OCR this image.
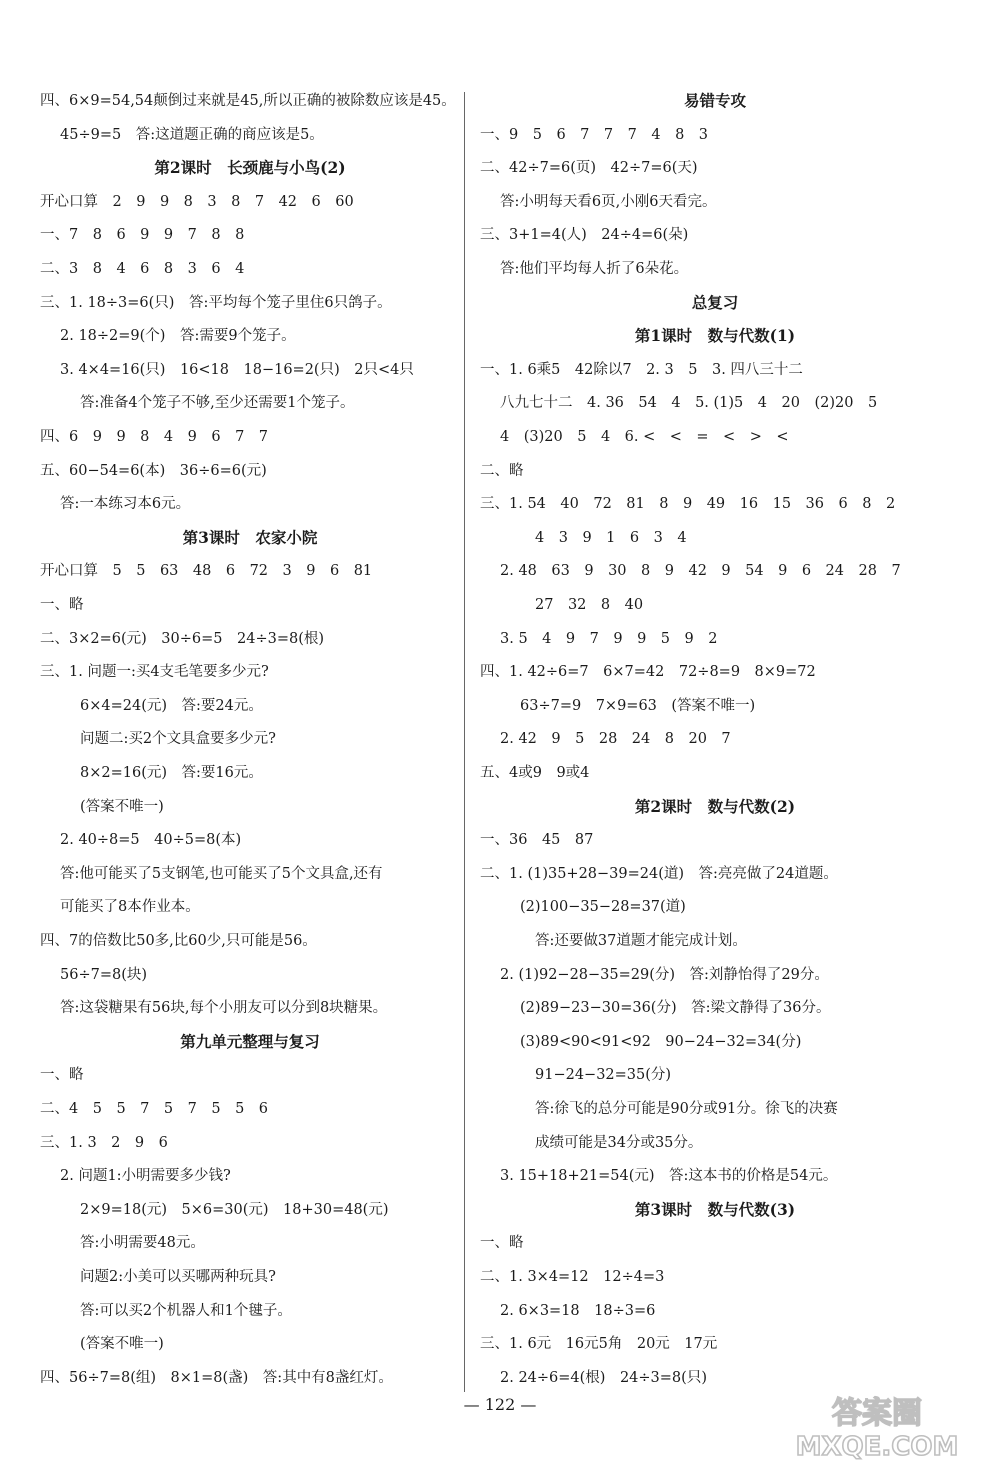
四、6×9=54,54颠倒过来就是45,所以正确的被除数应该是45。
45÷9=5　答:这道题正确的商应该是5。
第2课时　长颈鹿与小鸟(2)
开心口算　2　9　9　8　3　8　7　42　6　60
一、7　8　6　9　9　7　8　8
二、3　8　4　6　8　3　6　4
三、1. 18÷3=6(只)　答:平均每个笼子里住6只鸽子。
2. 18÷2=9(个)　答:需要9个笼子。
3. 4×4=16(只)　16<18　18−16=2(只)　2只<4只
答:准备4个笼子不够,至少还需要1个笼子。
四、6　9　9　8　4　9　6　7　7
五、60−54=6(本)　36÷6=6(元)
答:一本练习本6元。
第3课时　农家小院
开心口算　5　5　63　48　6　72　3　9　6　81
一、略
二、3×2=6(元)　30÷6=5　24÷3=8(根)
三、1. 问题一:买4支毛笔要多少元?
6×4=24(元)　答:要24元。
问题二:买2个文具盒要多少元?
8×2=16(元)　答:要16元。
(答案不唯一)
2. 40÷8=5　40÷5=8(本)
答:他可能买了5支钢笔,也可能买了5个文具盒,还有
可能买了8本作业本。
四、7的倍数比50多,比60少,只可能是56。
56÷7=8(块)
答:这袋糖果有56块,每个小朋友可以分到8块糖果。
第九单元整理与复习
一、略
二、4　5　5　7　5　7　5　5　6
三、1. 3　2　9　6
2. 问题1:小明需要多少钱?
2×9=18(元)　5×6=30(元)　18+30=48(元)
答:小明需要48元。
问题2:小美可以买哪两种玩具?
答:可以买2个机器人和1个毽子。
(答案不唯一)
四、56÷7=8(组)　8×1=8(盏)　答:其中有8盏红灯。
易错专攻
一、9　5　6　7　7　7　4　8　3
二、42÷7=6(页)　42÷7=6(天)
答:小明每天看6页,小刚6天看完。
三、3+1=4(人)　24÷4=6(朵)
答:他们平均每人折了6朵花。
总复习
第1课时　数与代数(1)
一、1. 6乘5　42除以7　2. 3　5　3. 四八三十二
八九七十二　4. 36　54　4　5. (1)5　4　20　(2)20　5
4　(3)20　5　4　6. <　<　=　<　>　<
二、略
三、1. 54　40　72　81　8　9　49　16　15　36　6　8　2
4　3　9　1　6　3　4
2. 48　63　9　30　8　9　42　9　54　9　6　24　28　7
27　32　8　40
3. 5　4　9　7　9　9　5　9　2
四、1. 42÷6=7　6×7=42　72÷8=9　8×9=72
63÷7=9　7×9=63　(答案不唯一)
2. 42　9　5　28　24　8　20　7
五、4或9　9或4
第2课时　数与代数(2)
一、36　45　87
二、1. (1)35+28−39=24(道)　答:亮亮做了24道题。
(2)100−35−28=37(道)
答:还要做37道题才能完成计划。
2. (1)92−28−35=29(分)　答:刘静怡得了29分。
(2)89−23−30=36(分)　答:梁文静得了36分。
(3)89<90<91<92　90−24−32=34(分)
91−24−32=35(分)
答:徐飞的总分可能是90分或91分。徐飞的决赛
成绩可能是34分或35分。
3. 15+18+21=54(元)　答:这本书的价格是54元。
第3课时　数与代数(3)
一、略
二、1. 3×4=12　12÷4=3
2. 6×3=18　18÷3=6
三、1. 6元　16元5角　20元　17元
2. 24÷6=4(根)　24÷3=8(只)
— 122 —	答案圈
MXQE.COM
